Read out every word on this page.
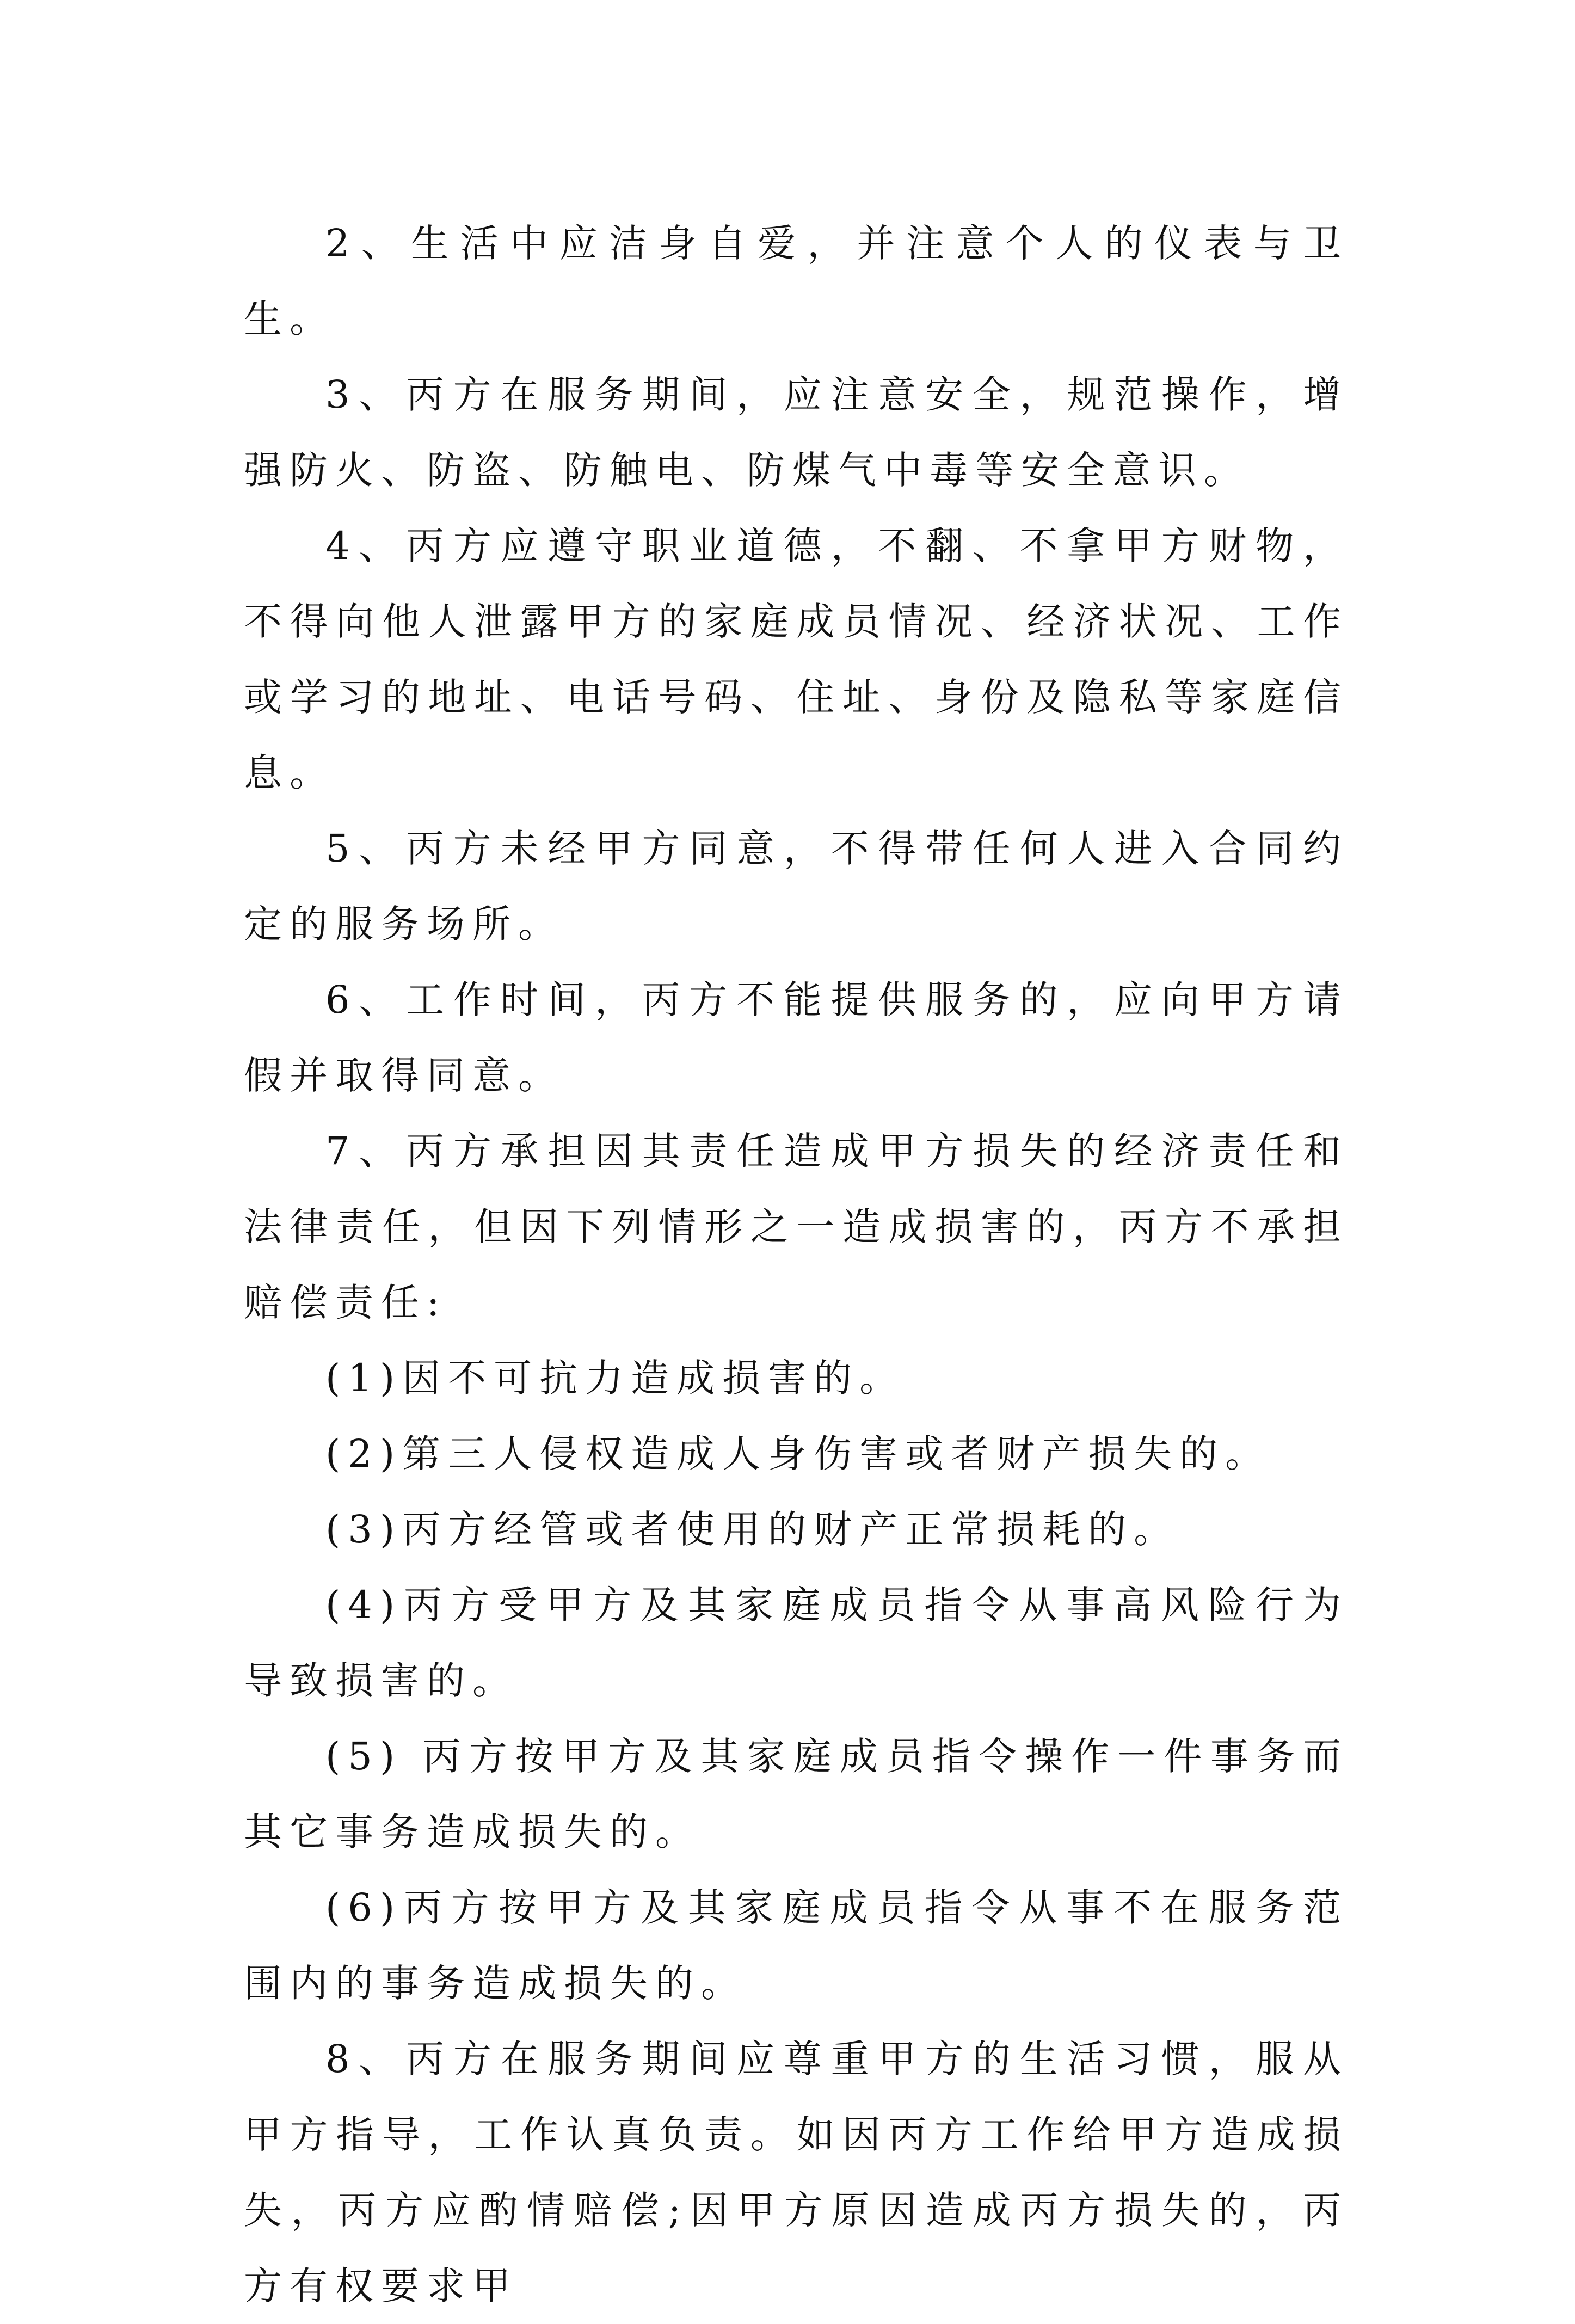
2、生活中应洁身自爱，并注意个人的仪表与卫生。

3、丙方在服务期间，应注意安全，规范操作，增强防火、防盗、防触电、防煤气中毒等安全意识。

4、丙方应遵守职业道德，不翻、不拿甲方财物，不得向他人泄露甲方的家庭成员情况、经济状况、工作或学习的地址、电话号码、住址、身份及隐私等家庭信息。

5、丙方未经甲方同意，不得带任何人进入合同约定的服务场所。

6、工作时间，丙方不能提供服务的，应向甲方请假并取得同意。

7、丙方承担因其责任造成甲方损失的经济责任和法律责任，但因下列情形之一造成损害的，丙方不承担赔偿责任:

(1)因不可抗力造成损害的。

(2)第三人侵权造成人身伤害或者财产损失的。

(3)丙方经管或者使用的财产正常损耗的。

(4)丙方受甲方及其家庭成员指令从事高风险行为导致损害的。

(5) 丙方按甲方及其家庭成员指令操作一件事务而其它事务造成损失的。

(6)丙方按甲方及其家庭成员指令从事不在服务范围内的事务造成损失的。

8、丙方在服务期间应尊重甲方的生活习惯，服从甲方指导，工作认真负责。如因丙方工作给甲方造成损失，丙方应酌情赔偿;因甲方原因造成丙方损失的，丙方有权要求甲
